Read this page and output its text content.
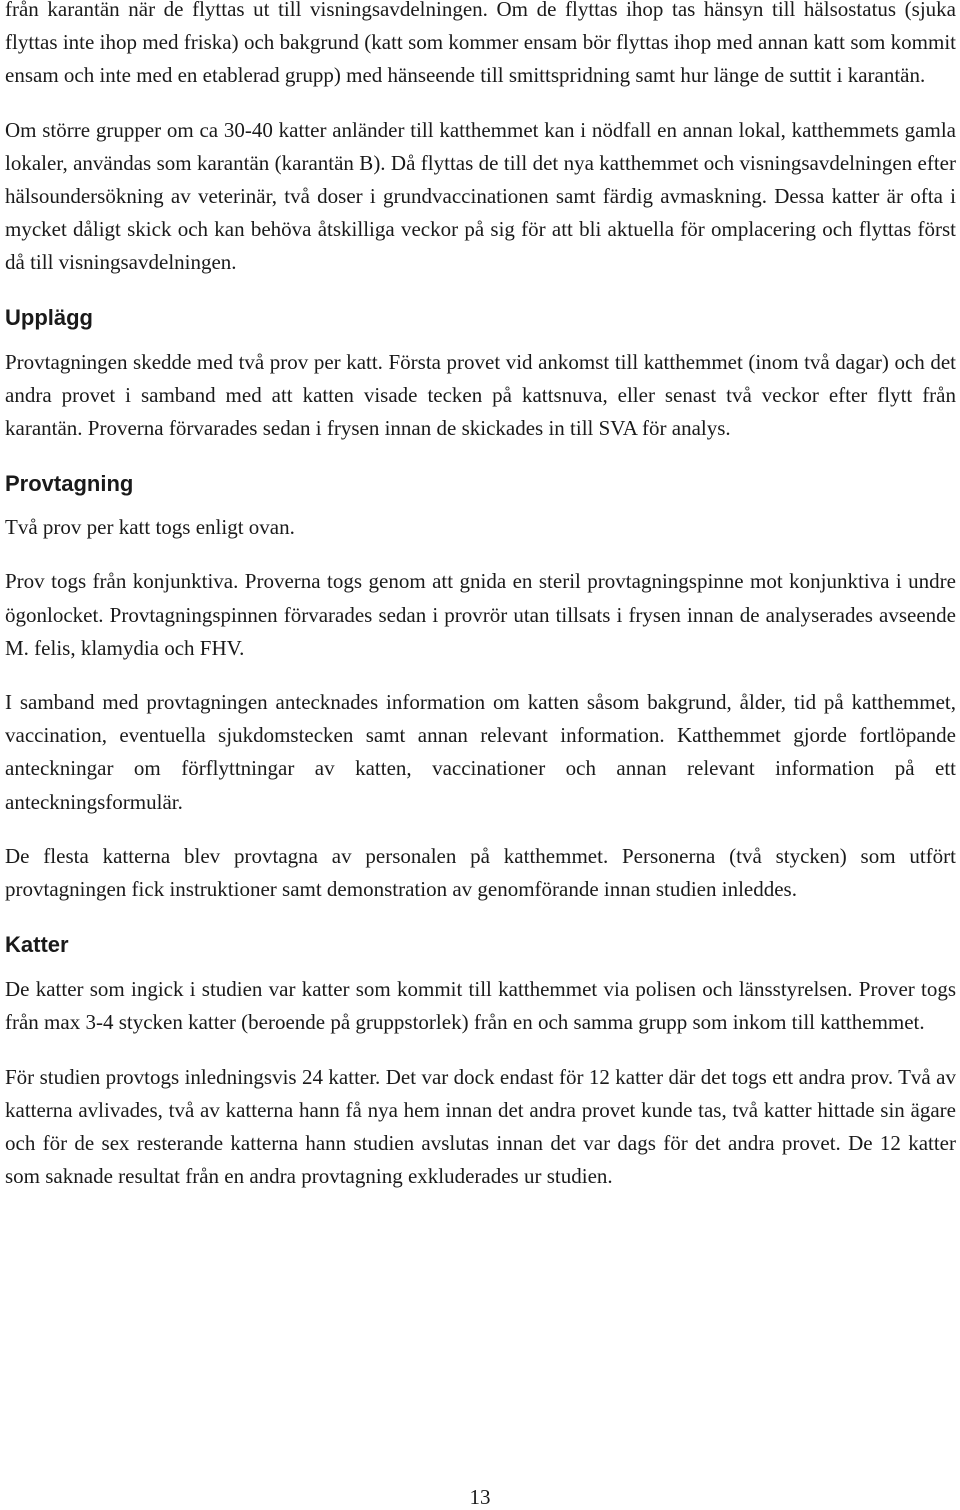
från karantän när de flyttas ut till visningsavdelningen. Om de flyttas ihop tas hänsyn till hälsostatus (sjuka flyttas inte ihop med friska) och bakgrund (katt som kommer ensam bör flyttas ihop med annan katt som kommit ensam och inte med en etablerad grupp) med hänseende till smittspridning samt hur länge de suttit i karantän.

Om större grupper om ca 30-40 katter anländer till katthemmet kan i nödfall en annan lokal, katthemmets gamla lokaler, användas som karantän (karantän B). Då flyttas de till det nya katthemmet och visningsavdelningen efter hälsoundersökning av veterinär, två doser i grundvaccinationen samt färdig avmaskning. Dessa katter är ofta i mycket dåligt skick och kan behöva åtskilliga veckor på sig för att bli aktuella för omplacering och flyttas först då till visningsavdelningen.

Upplägg

Provtagningen skedde med två prov per katt. Första provet vid ankomst till katthemmet (inom två dagar) och det andra provet i samband med att katten visade tecken på kattsnuva, eller senast två veckor efter flytt från karantän. Proverna förvarades sedan i frysen innan de skickades in till SVA för analys.

Provtagning

Två prov per katt togs enligt ovan.

Prov togs från konjunktiva. Proverna togs genom att gnida en steril provtagningspinne mot konjunktiva i undre ögonlocket. Provtagningspinnen förvarades sedan i provrör utan tillsats i frysen innan de analyserades avseende M. felis, klamydia och FHV.

I samband med provtagningen antecknades information om katten såsom bakgrund, ålder, tid på katthemmet, vaccination, eventuella sjukdomstecken samt annan relevant information. Katthemmet gjorde fortlöpande anteckningar om förflyttningar av katten, vaccinationer och annan relevant information på ett anteckningsformulär.

De flesta katterna blev provtagna av personalen på katthemmet. Personerna (två stycken) som utfört provtagningen fick instruktioner samt demonstration av genomförande innan studien inleddes.

Katter

De katter som ingick i studien var katter som kommit till katthemmet via polisen och länsstyrelsen. Prover togs från max 3-4 stycken katter (beroende på gruppstorlek) från en och samma grupp som inkom till katthemmet.

För studien provtogs inledningsvis 24 katter. Det var dock endast för 12 katter där det togs ett andra prov. Två av katterna avlivades, två av katterna hann få nya hem innan det andra provet kunde tas, två katter hittade sin ägare och för de sex resterande katterna hann studien avslutas innan det var dags för det andra provet. De 12 katter som saknade resultat från en andra provtagning exkluderades ur studien.

13
